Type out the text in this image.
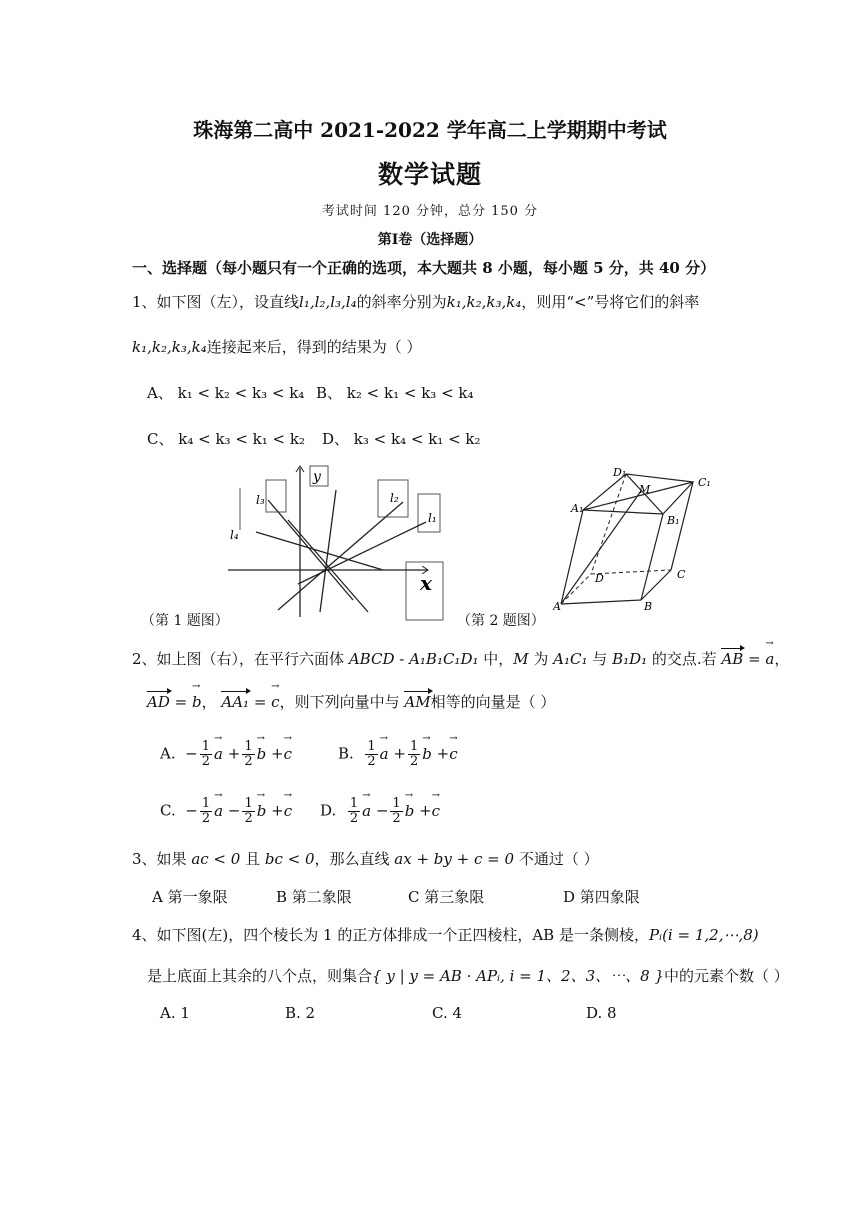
珠海第二高中 2021-2022 学年高二上学期期中考试
数学试题
考试时间 120 分钟，总分 150 分
第Ⅰ卷（选择题）
一、选择题（每小题只有一个正确的选项，本大题共 8 小题，每小题 5 分，共 40 分）
1、如下图（左），设直线l₁,l₂,l₃,l₄的斜率分别为k₁,k₂,k₃,k₄，则用“<”号将它们的斜率
k₁,k₂,k₃,k₄连接起来后，得到的结果为（ ）
A、 k₁ < k₂ < k₃ < k₄ B、 k₂ < k₁ < k₃ < k₄
C、 k₄ < k₃ < k₁ < k₂ D、 k₃ < k₄ < k₁ < k₂
y
x
l₂
l₁
l₃
l₄
（第 1 题图）
A	B
C
D
A₁
B₁
C₁
D₁
M
（第 2 题图）
2、如上图（右），在平行六面体 ABCD - A₁B₁C₁D₁ 中，M 为 A₁C₁ 与 B₁D₁ 的交点.若 AB = → a，
AD = → b， AA₁ = → c，则下列向量中与 AM相等的向量是（ ）
A. − $\frac{1}{2}$
→ $a + \frac{1}{2}$
→ b +→ c	B. $\frac{1}{2}$
→ $a + \frac{1}{2}$
→ b +→ c
C. − $\frac{1}{2}$
→ $a - \frac{1}{2}$
→ b +→ c D. $\frac{1}{2}$
→ $a - \frac{1}{2}$
→ b +→ c
3、如果 ac < 0 且 bc < 0，那么直线 ax + by + c = 0 不通过（ ）
A 第一象限	B 第二象限	C 第三象限	D 第四象限
4、如下图(左)，四个棱长为 1 的正方体排成一个正四棱柱，AB 是一条侧棱，Pᵢ(i = 1,2,⋯,8)
是上底面上其余的八个点，则集合{ y | y = AB · APᵢ, i = 1、2、3、⋯、8 }中的元素个数（ ）
A. 1	B. 2	C. 4	D. 8
